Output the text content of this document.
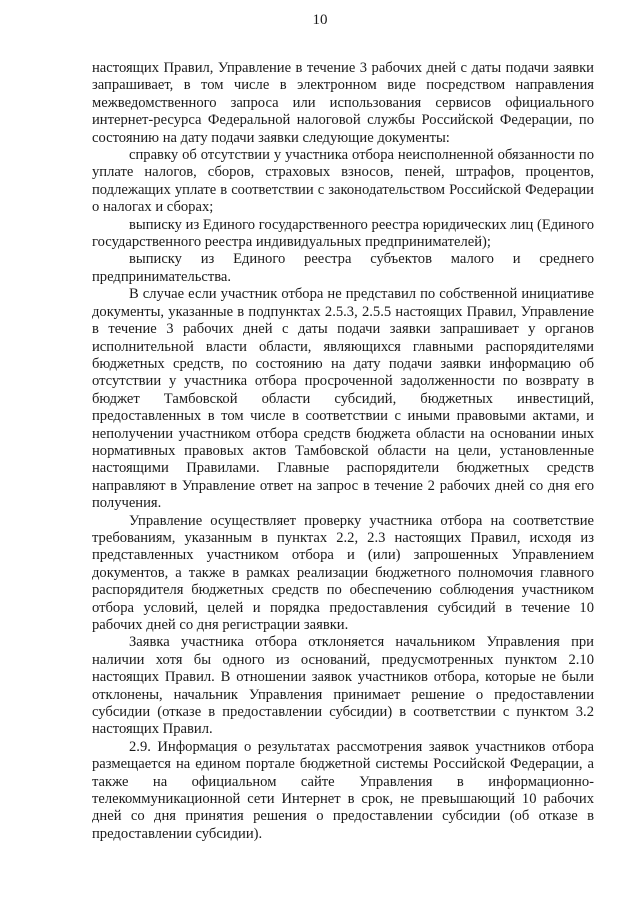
10

настоящих Правил, Управление в течение 3 рабочих дней с даты подачи заявки запрашивает, в том числе в электронном виде посредством направления межведомственного запроса или использования сервисов официального интернет-ресурса Федеральной налоговой службы Российской Федерации, по состоянию на дату подачи заявки следующие документы:

справку об отсутствии у участника отбора неисполненной обязанности по уплате налогов, сборов, страховых взносов, пеней, штрафов, процентов, подлежащих уплате в соответствии с законодательством Российской Федерации о налогах и сборах;

выписку из Единого государственного реестра юридических лиц (Единого государственного реестра индивидуальных предпринимателей);

выписку из Единого реестра субъектов малого и среднего предпринимательства.

В случае если участник отбора не представил по собственной инициативе документы, указанные в подпунктах 2.5.3, 2.5.5 настоящих Правил, Управление в течение 3 рабочих дней с даты подачи заявки запрашивает у органов исполнительной власти области, являющихся главными распорядителями бюджетных средств, по состоянию на дату подачи заявки информацию об отсутствии у участника отбора просроченной задолженности по возврату в бюджет Тамбовской области субсидий, бюджетных инвестиций, предоставленных в том числе в соответствии с иными правовыми актами, и неполучении участником отбора средств бюджета области на основании иных нормативных правовых актов Тамбовской области на цели, установленные настоящими Правилами. Главные распорядители бюджетных средств направляют в Управление ответ на запрос в течение 2 рабочих дней со дня его получения.

Управление осуществляет проверку участника отбора на соответствие требованиям, указанным в пунктах 2.2, 2.3 настоящих Правил, исходя из представленных участником отбора и (или) запрошенных Управлением документов, а также в рамках реализации бюджетного полномочия главного распорядителя бюджетных средств по обеспечению соблюдения участником отбора условий, целей и порядка предоставления субсидий в течение 10 рабочих дней со дня регистрации заявки.

Заявка участника отбора отклоняется начальником Управления при наличии хотя бы одного из оснований, предусмотренных пунктом 2.10 настоящих Правил. В отношении заявок участников отбора, которые не были отклонены, начальник Управления принимает решение о предоставлении субсидии (отказе в предоставлении субсидии) в соответствии с пунктом 3.2 настоящих Правил.

2.9. Информация о результатах рассмотрения заявок участников отбора размещается на едином портале бюджетной системы Российской Федерации, а также на официальном сайте Управления в информационно-телекоммуникационной сети Интернет в срок, не превышающий 10 рабочих дней со дня принятия решения о предоставлении субсидии (об отказе в предоставлении субсидии).
